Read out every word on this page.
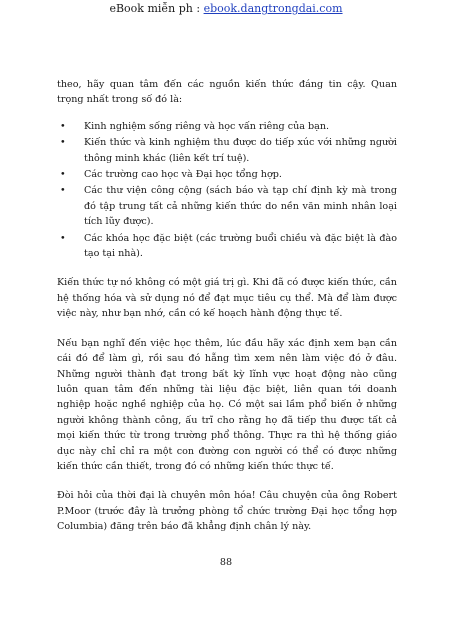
eBook miễn ph : ebook.dangtrongdai.com

theo, hãy quan tâm đến các nguồn kiến thức đáng tin cậy. Quan trọng nhất trong số đó là:

• Kinh nghiệm sống riêng và học vấn riêng của bạn.
• Kiến thức và kinh nghiệm thu được do tiếp xúc với những người thông minh khác (liên kết trí tuệ).
• Các trường cao học và Đại học tổng hợp.
• Các thư viện công cộng (sách báo và tạp chí định kỳ mà trong đó tập trung tất cả những kiến thức do nền văn minh nhân loại tích lũy được).
• Các khóa học đặc biệt (các trường buổi chiều và đặc biệt là đào tạo tại nhà).

Kiến thức tự nó không có một giá trị gì. Khi đã có được kiến thức, cần hệ thống hóa và sử dụng nó để đạt mục tiêu cụ thể. Mà để làm được việc này, như bạn nhớ, cần có kế hoạch hành động thực tế.

Nếu bạn nghĩ đến việc học thêm, lúc đầu hãy xác định xem bạn cần cái đó để làm gì, rồi sau đó hẵng tìm xem nên làm việc đó ở đâu. Những người thành đạt trong bất kỳ lĩnh vực hoạt động nào cũng luôn quan tâm đến những tài liệu đặc biệt, liên quan tới doanh nghiệp hoặc nghề nghiệp của họ. Có một sai lầm phổ biến ở những người không thành công, ấu trĩ cho rằng họ đã tiếp thu được tất cả mọi kiến thức từ trong trường phổ thông. Thực ra thì hệ thống giáo dục này chỉ chỉ ra một con đường con người có thể có được những kiến thức cần thiết, trong đó có những kiến thức thực tế.

Đòi hỏi của thời đại là chuyên môn hóa! Câu chuyện của ông Robert P.Moor (trước đây là trưởng phòng tổ chức trường Đại học tổng hợp Columbia) đăng trên báo đã khẳng định chân lý này.

88
